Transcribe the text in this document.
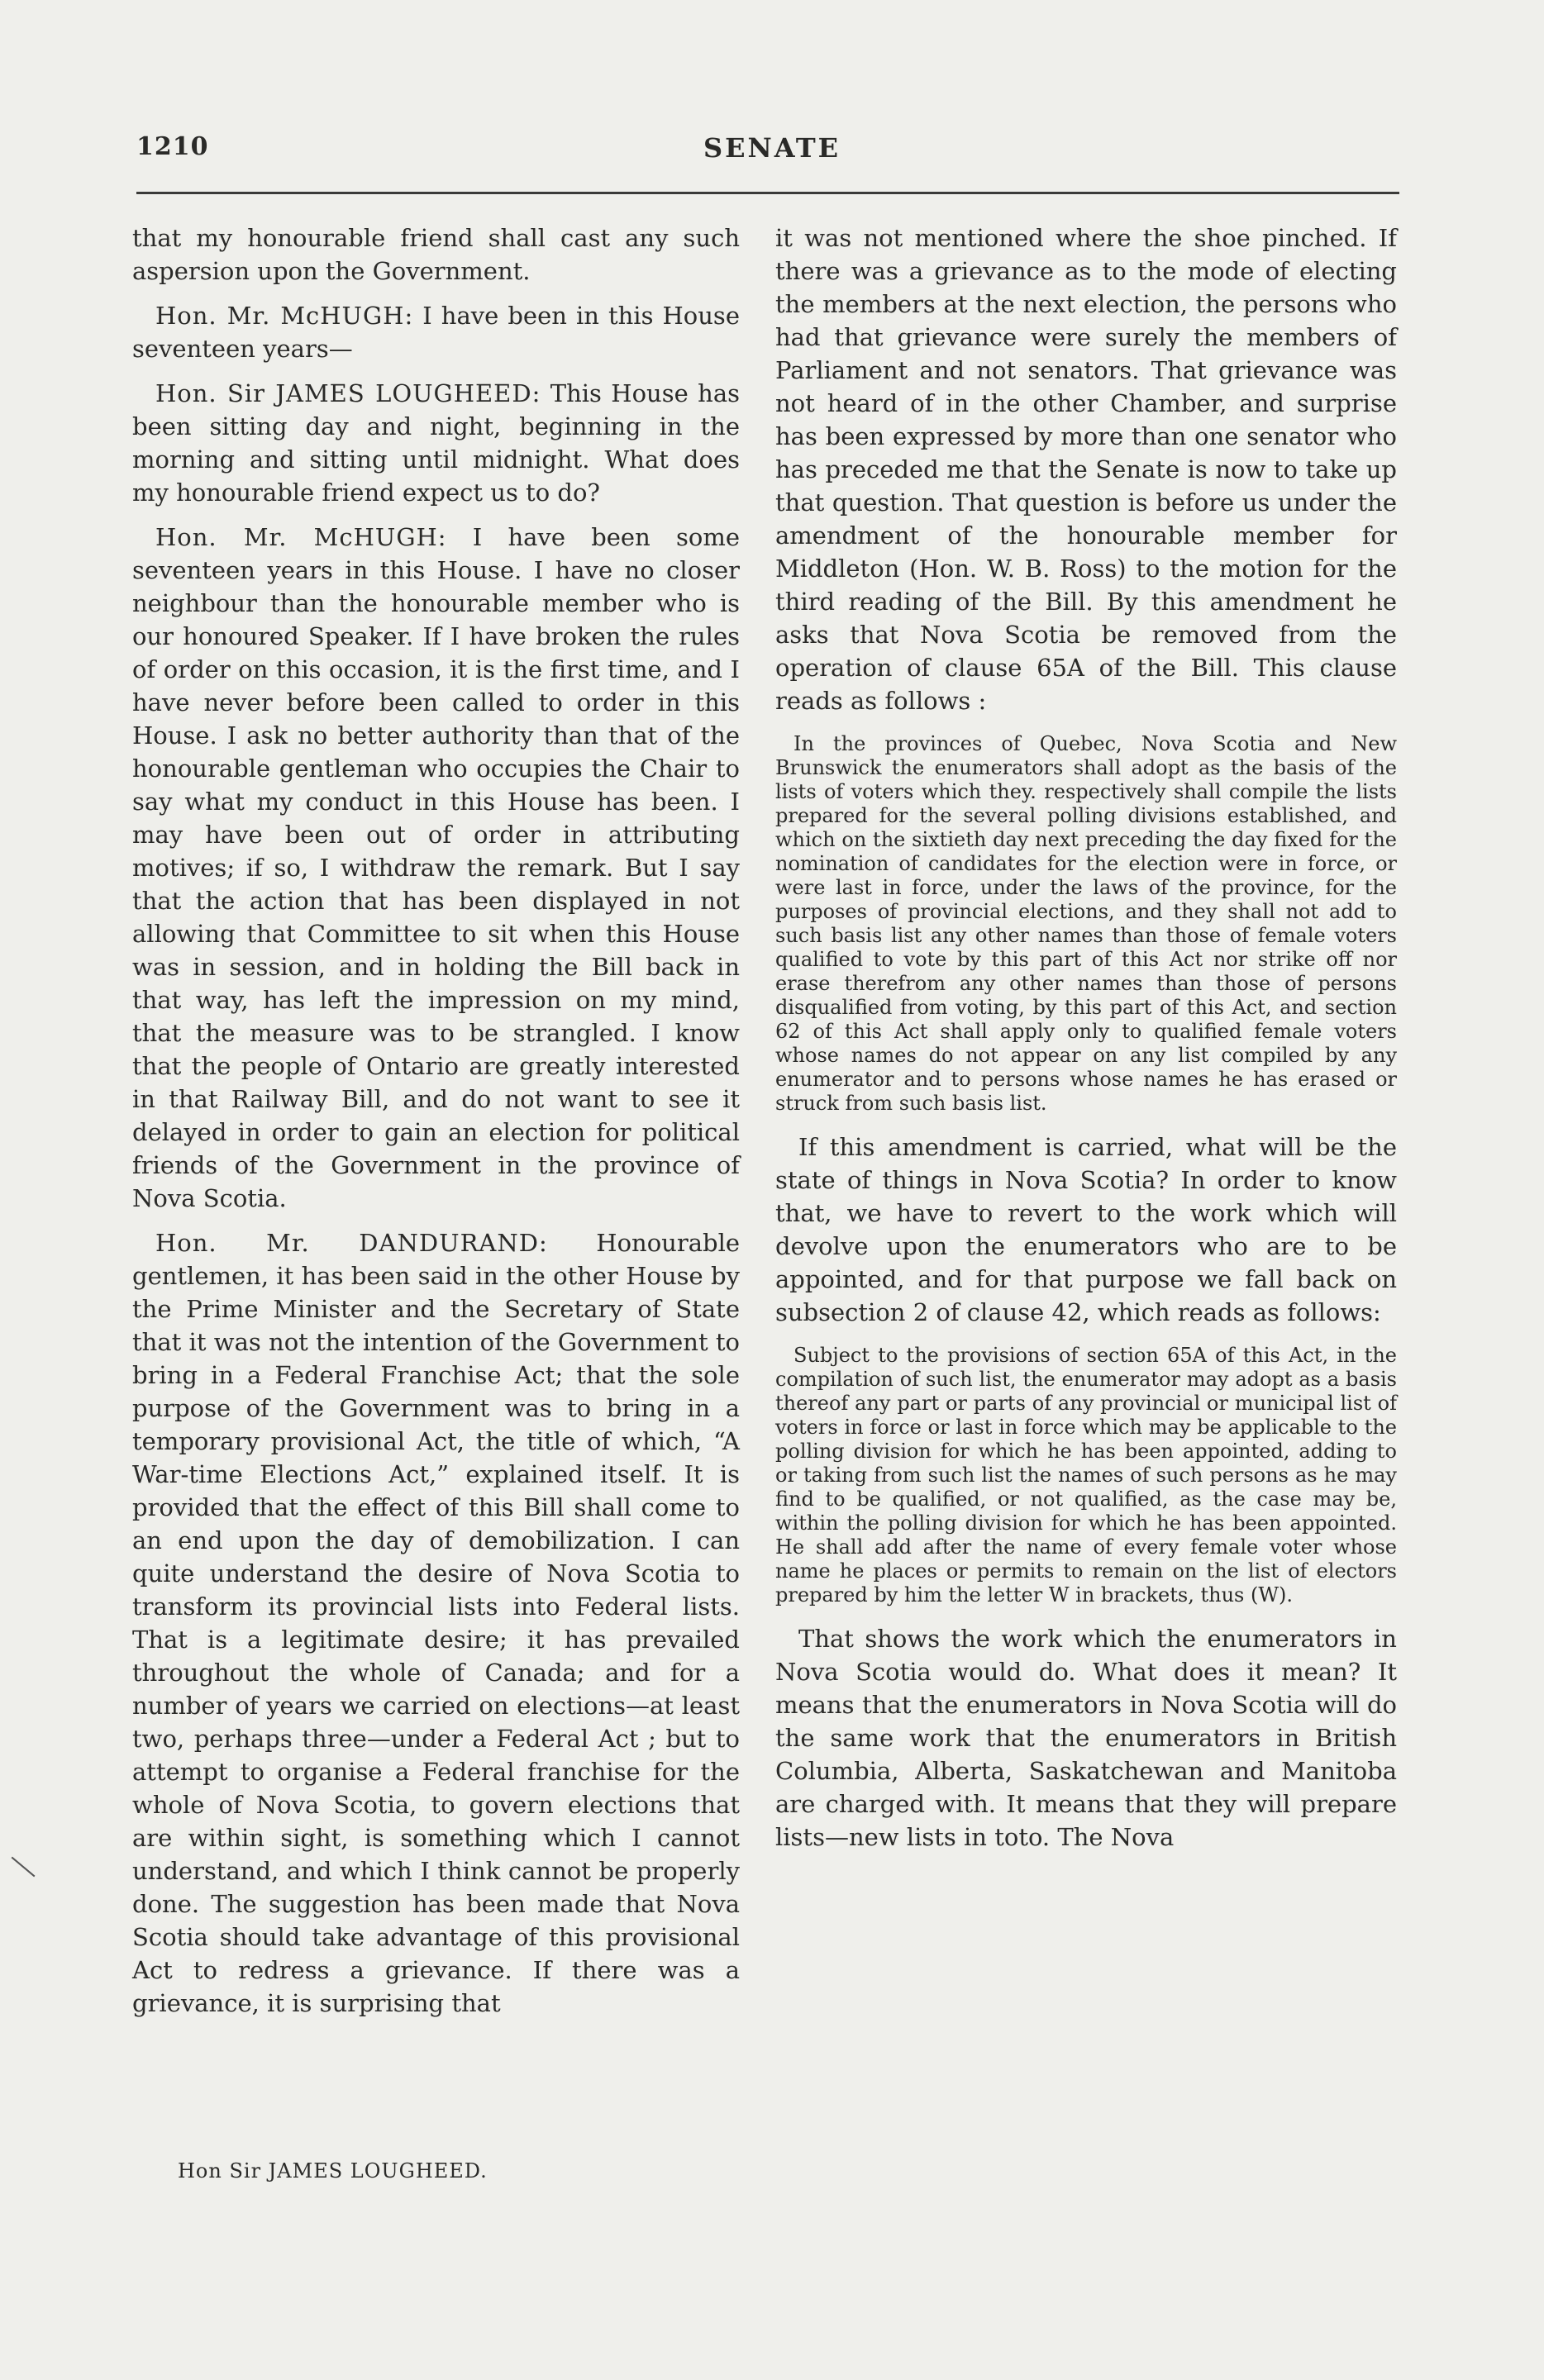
1210	SENATE

that my honourable friend shall cast any such aspersion upon the Government.

Hon. Mr. McHUGH: I have been in this House seventeen years—

Hon. Sir JAMES LOUGHEED: This House has been sitting day and night, beginning in the morning and sitting until midnight. What does my honourable friend expect us to do?

Hon. Mr. McHUGH: I have been some seventeen years in this House. I have no closer neighbour than the honourable member who is our honoured Speaker. If I have broken the rules of order on this occasion, it is the first time, and I have never before been called to order in this House. I ask no better authority than that of the honourable gentleman who occupies the Chair to say what my conduct in this House has been. I may have been out of order in attributing motives; if so, I withdraw the remark. But I say that the action that has been displayed in not allowing that Committee to sit when this House was in session, and in holding the Bill back in that way, has left the impression on my mind, that the measure was to be strangled. I know that the people of Ontario are greatly interested in that Railway Bill, and do not want to see it delayed in order to gain an election for political friends of the Government in the province of Nova Scotia.

Hon. Mr. DANDURAND: Honourable gentlemen, it has been said in the other House by the Prime Minister and the Secretary of State that it was not the intention of the Government to bring in a Federal Franchise Act; that the sole purpose of the Government was to bring in a temporary provisional Act, the title of which, “A War-time Elections Act,” explained itself. It is provided that the effect of this Bill shall come to an end upon the day of demobilization. I can quite understand the desire of Nova Scotia to transform its provincial lists into Federal lists. That is a legitimate desire; it has prevailed throughout the whole of Canada; and for a number of years we carried on elections—at least two, perhaps three—under a Federal Act ; but to attempt to organise a Federal franchise for the whole of Nova Scotia, to govern elections that are within sight, is something which I cannot understand, and which I think cannot be properly done. The suggestion has been made that Nova Scotia should take advantage of this provisional Act to redress a grievance. If there was a grievance, it is surprising that

it was not mentioned where the shoe pinched. If there was a grievance as to the mode of electing the members at the next election, the persons who had that grievance were surely the members of Parliament and not senators. That grievance was not heard of in the other Chamber, and surprise has been expressed by more than one senator who has preceded me that the Senate is now to take up that question. That question is before us under the amendment of the honourable member for Middleton (Hon. W. B. Ross) to the motion for the third reading of the Bill. By this amendment he asks that Nova Scotia be removed from the operation of clause 65A of the Bill. This clause reads as follows :

In the provinces of Quebec, Nova Scotia and New Brunswick the enumerators shall adopt as the basis of the lists of voters which they. respectively shall compile the lists prepared for the several polling divisions established, and which on the sixtieth day next preceding the day fixed for the nomination of candidates for the election were in force, or were last in force, under the laws of the province, for the purposes of provincial elections, and they shall not add to such basis list any other names than those of female voters qualified to vote by this part of this Act nor strike off nor erase therefrom any other names than those of persons disqualified from voting, by this part of this Act, and section 62 of this Act shall apply only to qualified female voters whose names do not appear on any list compiled by any enumerator and to persons whose names he has erased or struck from such basis list.

If this amendment is carried, what will be the state of things in Nova Scotia? In order to know that, we have to revert to the work which will devolve upon the enumerators who are to be appointed, and for that purpose we fall back on subsection 2 of clause 42, which reads as follows:

Subject to the provisions of section 65A of this Act, in the compilation of such list, the enumerator may adopt as a basis thereof any part or parts of any provincial or municipal list of voters in force or last in force which may be applicable to the polling division for which he has been appointed, adding to or taking from such list the names of such persons as he may find to be qualified, or not qualified, as the case may be, within the polling division for which he has been appointed. He shall add after the name of every female voter whose name he places or permits to remain on the list of electors prepared by him the letter W in brackets, thus (W).

That shows the work which the enumerators in Nova Scotia would do. What does it mean? It means that the enumerators in Nova Scotia will do the same work that the enumerators in British Columbia, Alberta, Saskatchewan and Manitoba are charged with. It means that they will prepare lists—new lists in toto. The Nova

Hon Sir JAMES LOUGHEED.
